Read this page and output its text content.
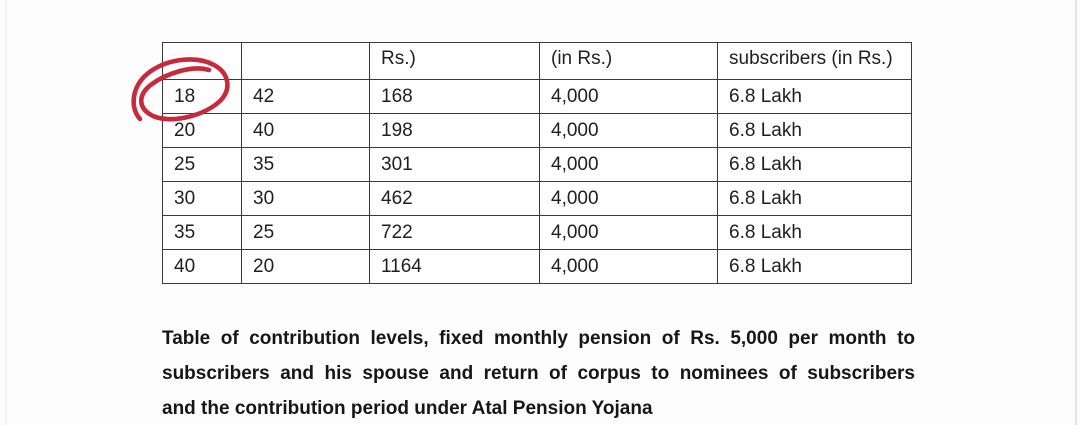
		Rs.)	(in Rs.)	subscribers (in Rs.)
18	42	168	4,000	6.8 Lakh
20	40	198	4,000	6.8 Lakh
25	35	301	4,000	6.8 Lakh
30	30	462	4,000	6.8 Lakh
35	25	722	4,000	6.8 Lakh
40	20	1164	4,000	6.8 Lakh
Table of contribution levels, fixed monthly pension of Rs. 5,000 per month to
subscribers and his spouse and return of corpus to nominees of subscribers
and the contribution period under Atal Pension Yojana
